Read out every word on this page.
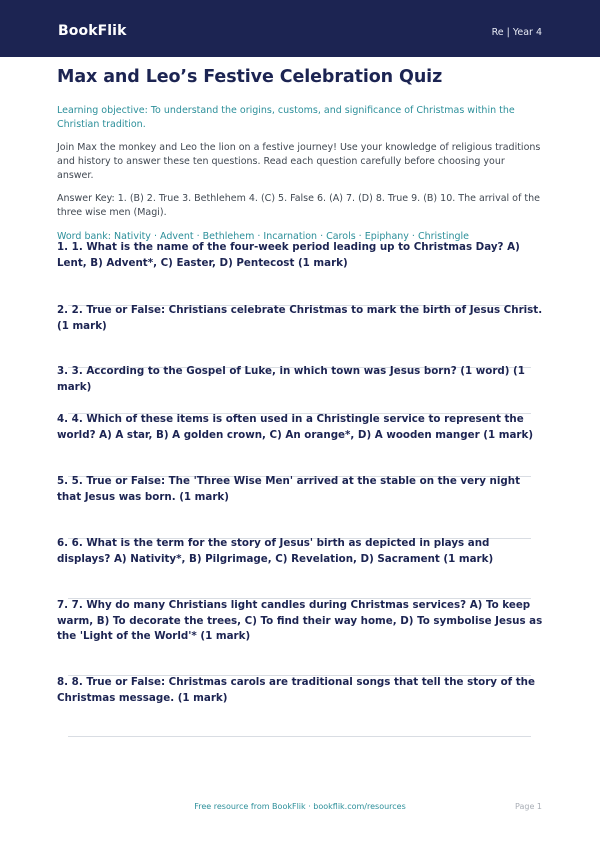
BookFlik	Re | Year 4
Max and Leo’s Festive Celebration Quiz

Learning objective: To understand the origins, customs, and significance of Christmas within the Christian tradition.

Join Max the monkey and Leo the lion on a festive journey! Use your knowledge of religious traditions and history to answer these ten questions. Read each question carefully before choosing your answer.

Answer Key: 1. (B) 2. True 3. Bethlehem 4. (C) 5. False 6. (A) 7. (D) 8. True 9. (B) 10. The arrival of the three wise men (Magi).

Word bank: Nativity · Advent · Bethlehem · Incarnation · Carols · Epiphany · Christingle

1. 1. What is the name of the four-week period leading up to Christmas Day? A) Lent, B) Advent*, C) Easter, D) Pentecost (1 mark)
2. 2. True or False: Christians celebrate Christmas to mark the birth of Jesus Christ. (1 mark)
3. 3. According to the Gospel of Luke, in which town was Jesus born? (1 word) (1 mark)
4. 4. Which of these items is often used in a Christingle service to represent the world? A) A star, B) A golden crown, C) An orange*, D) A wooden manger (1 mark)
5. 5. True or False: The 'Three Wise Men' arrived at the stable on the very night that Jesus was born. (1 mark)
6. 6. What is the term for the story of Jesus' birth as depicted in plays and displays? A) Nativity*, B) Pilgrimage, C) Revelation, D) Sacrament (1 mark)
7. 7. Why do many Christians light candles during Christmas services? A) To keep warm, B) To decorate the trees, C) To find their way home, D) To symbolise Jesus as the 'Light of the World'* (1 mark)
8. 8. True or False: Christmas carols are traditional songs that tell the story of the Christmas message. (1 mark)
Free resource from BookFlik · bookflik.com/resources	Page 1
